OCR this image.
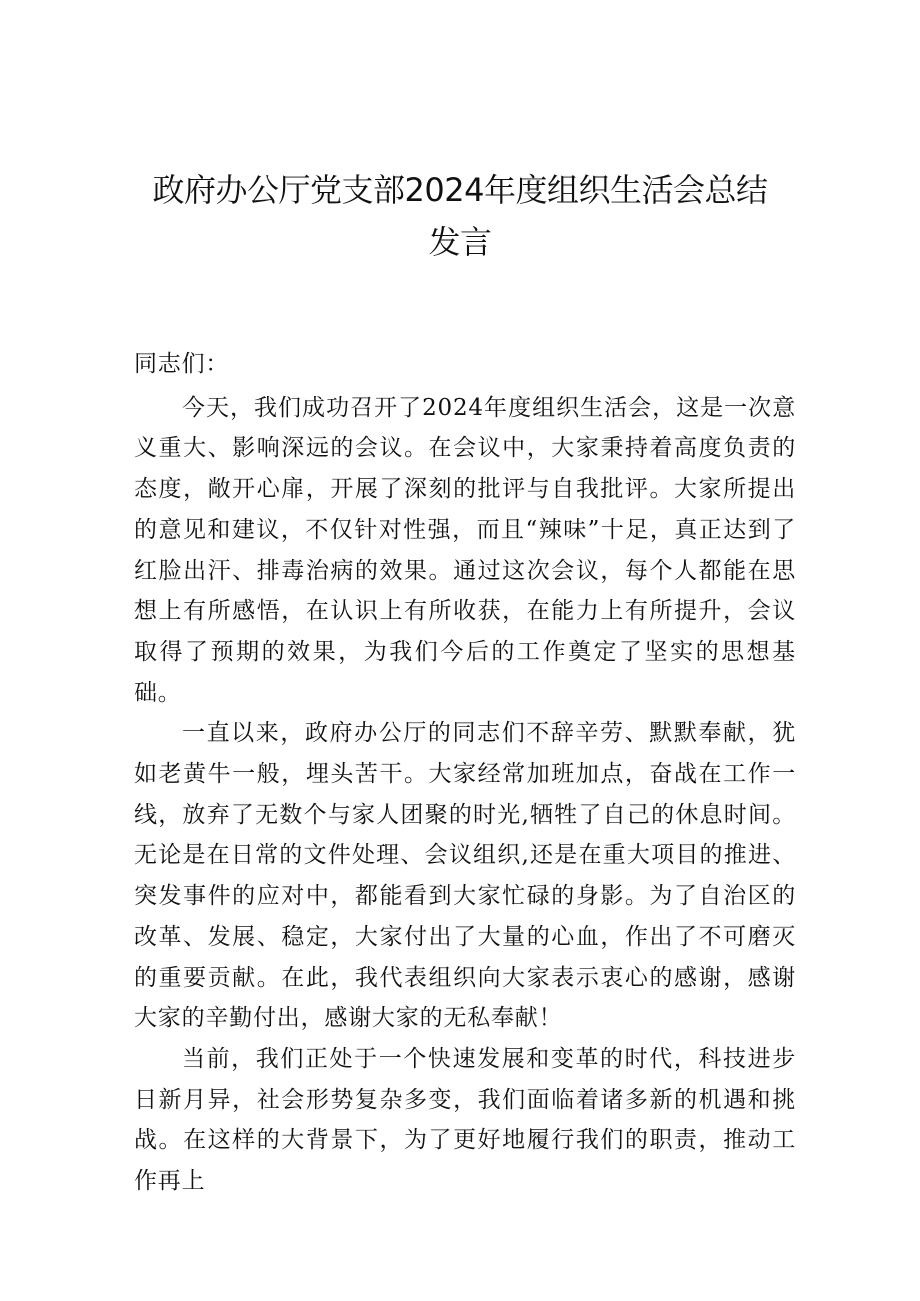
政府办公厅党支部2024年度组织生活会总结
发言

同志们：

今天，我们成功召开了2024年度组织生活会，这是一次意义重大、影响深远的会议。在会议中，大家秉持着高度负责的态度，敞开心扉，开展了深刻的批评与自我批评。大家所提出的意见和建议，不仅针对性强，而且“辣味”十足，真正达到了红脸出汗、排毒治病的效果。通过这次会议，每个人都能在思想上有所感悟，在认识上有所收获，在能力上有所提升，会议取得了预期的效果，为我们今后的工作奠定了坚实的思想基础。

一直以来，政府办公厅的同志们不辞辛劳、默默奉献，犹如老黄牛一般，埋头苦干。大家经常加班加点，奋战在工作一线，放弃了无数个与家人团聚的时光,牺牲了自己的休息时间。无论是在日常的文件处理、会议组织,还是在重大项目的推进、突发事件的应对中，都能看到大家忙碌的身影。为了自治区的改革、发展、稳定，大家付出了大量的心血，作出了不可磨灭的重要贡献。在此，我代表组织向大家表示衷心的感谢，感谢大家的辛勤付出，感谢大家的无私奉献！

当前，我们正处于一个快速发展和变革的时代，科技进步日新月异，社会形势复杂多变，我们面临着诸多新的机遇和挑战。在这样的大背景下，为了更好地履行我们的职责，推动工作再上
